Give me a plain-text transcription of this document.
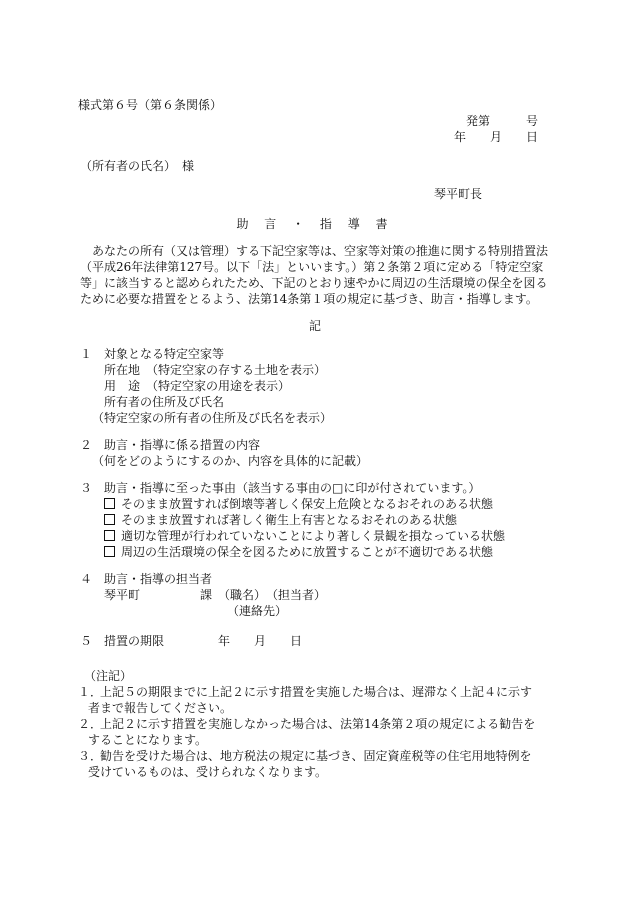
様式第６号（第６条関係）
発第　　　号
年　　月　　日
（所有者の氏名）　様
琴平町長
助 言 ・ 指 導 書
　あなたの所有（又は管理）する下記空家等は、空家等対策の推進に関する特別措置法
（平成26年法律第127号。以下「法」といいます。）第２条第２項に定める「特定空家
等」に該当すると認められたため、下記のとおり速やかに周辺の生活環境の保全を図る
ために必要な措置をとるよう、法第14条第１項の規定に基づき、助言・指導します。
記
１　対象となる特定空家等
所在地　（特定空家の存する土地を表示）
用　途　（特定空家の用途を表示）
所有者の住所及び氏名
（特定空家の所有者の住所及び氏名を表示）
２　助言・指導に係る措置の内容
（何をどのようにするのか、内容を具体的に記載）
３　助言・指導に至った事由（該当する事由の□に印が付されています。）
そのまま放置すれば倒壊等著しく保安上危険となるおそれのある状態
そのまま放置すれば著しく衛生上有害となるおそれのある状態
適切な管理が行われていないことにより著しく景観を損なっている状態
周辺の生活環境の保全を図るために放置することが不適切である状態
４　助言・指導の担当者
琴平町	課　（職名）　（担当者）
（連絡先）
５　措置の期限	年　　月　　日
（注記）
１．
上記５の期限までに上記２に示す措置を実施した場合は、遅滞なく上記４に示す
者まで報告してください。
２．
上記２に示す措置を実施しなかった場合は、法第14条第２項の規定による勧告を
することになります。
３．
勧告を受けた場合は、地方税法の規定に基づき、固定資産税等の住宅用地特例を
受けているものは、受けられなくなります。
